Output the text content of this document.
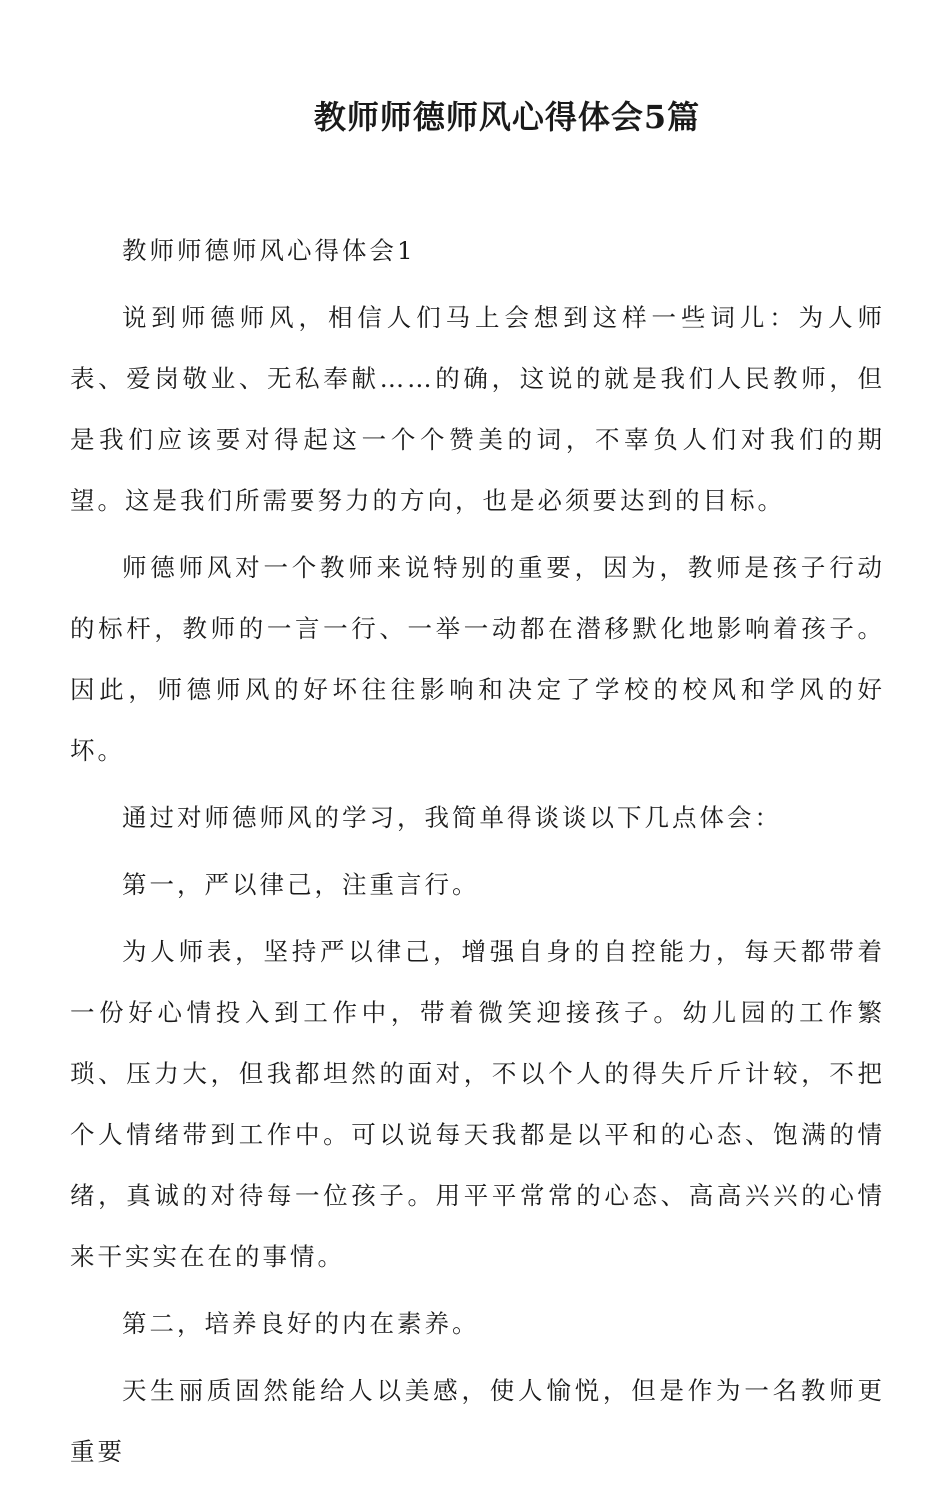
教师师德师风心得体会5篇

教师师德师风心得体会1

说到师德师风，相信人们马上会想到这样一些词儿：为人师表、爱岗敬业、无私奉献……的确，这说的就是我们人民教师，但是我们应该要对得起这一个个赞美的词，不辜负人们对我们的期望。这是我们所需要努力的方向，也是必须要达到的目标。

师德师风对一个教师来说特别的重要，因为，教师是孩子行动的标杆，教师的一言一行、一举一动都在潜移默化地影响着孩子。因此，师德师风的好坏往往影响和决定了学校的校风和学风的好坏。

通过对师德师风的学习，我简单得谈谈以下几点体会：

第一，严以律己，注重言行。

为人师表，坚持严以律己，增强自身的自控能力，每天都带着一份好心情投入到工作中，带着微笑迎接孩子。幼儿园的工作繁琐、压力大，但我都坦然的面对，不以个人的得失斤斤计较，不把个人情绪带到工作中。可以说每天我都是以平和的心态、饱满的情绪，真诚的对待每一位孩子。用平平常常的心态、高高兴兴的心情来干实实在在的事情。

第二，培养良好的内在素养。

天生丽质固然能给人以美感，使人愉悦，但是作为一名教师更重要
